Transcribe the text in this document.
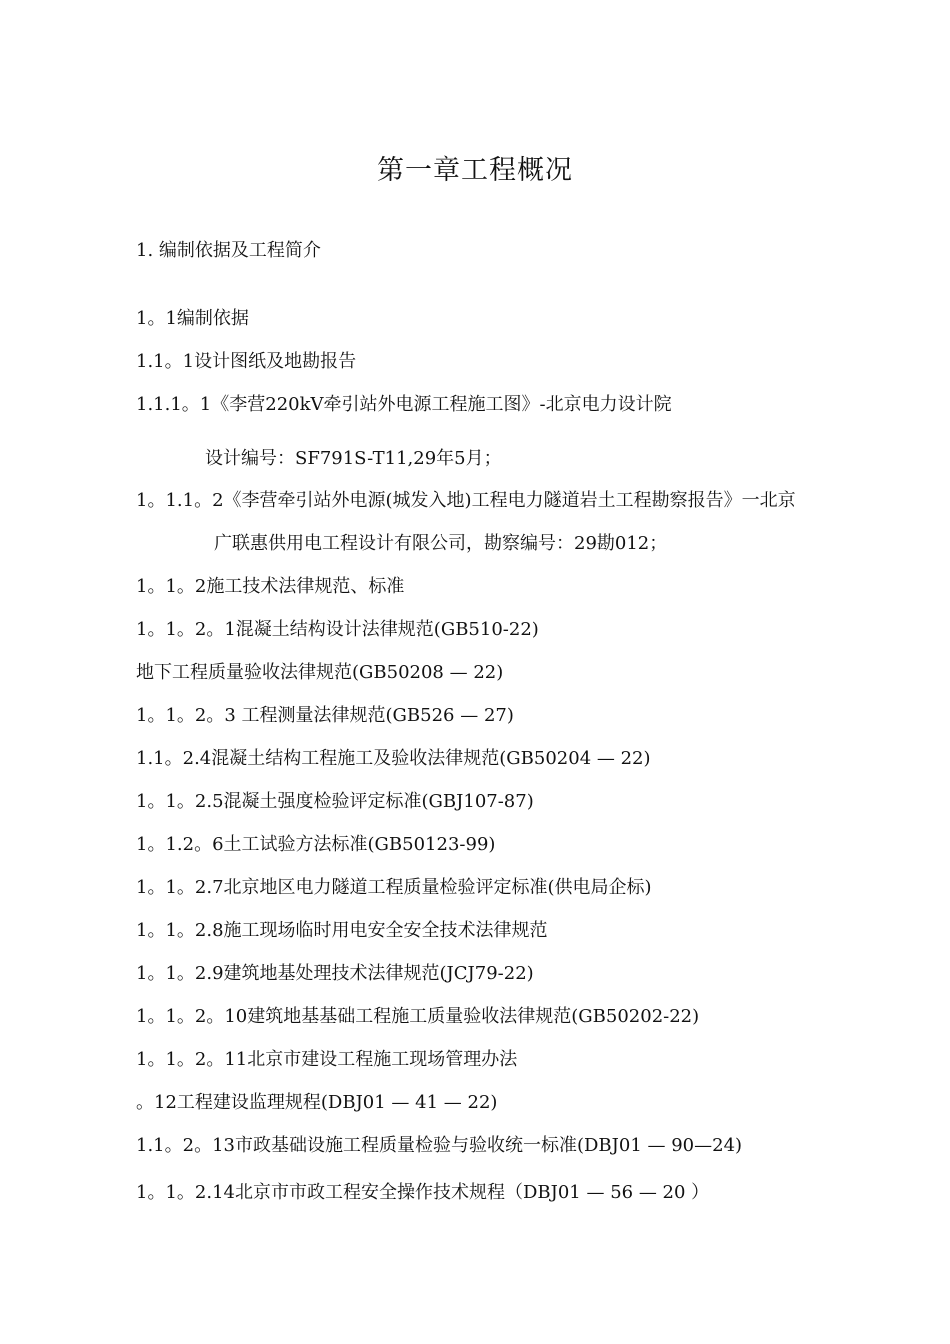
第一章工程概况
1. 编制依据及工程简介
1。1编制依据
1.1。1设计图纸及地勘报告
1.1.1。1《李营220kV牵引站外电源工程施工图》-北京电力设计院
设计编号：SF791S-T11,29年5月；
1。1.1。2《李营牵引站外电源(城发入地)工程电力隧道岩土工程勘察报告》一北京
广联惠供用电工程设计有限公司，勘察编号：29勘012；
1。1。2施工技术法律规范、标准
1。1。2。1混凝土结构设计法律规范(GB510-22)
地下工程质量验收法律规范(GB50208 — 22)
1。1。2。3 工程测量法律规范(GB526 — 27)
1.1。2.4混凝土结构工程施工及验收法律规范(GB50204 — 22)
1。1。2.5混凝土强度检验评定标准(GBJ107-87)
1。1.2。6土工试验方法标准(GB50123-99)
1。1。2.7北京地区电力隧道工程质量检验评定标准(供电局企标)
1。1。2.8施工现场临时用电安全安全技术法律规范
1。1。2.9建筑地基处理技术法律规范(JCJ79-22)
1。1。2。10建筑地基基础工程施工质量验收法律规范(GB50202-22)
1。1。2。11北京市建设工程施工现场管理办法
。12工程建设监理规程(DBJ01 — 41 — 22)
1.1。2。13市政基础设施工程质量检验与验收统一标准(DBJ01 — 90—24)
1。1。2.14北京市市政工程安全操作技术规程（DBJ01 — 56 — 20 ）
